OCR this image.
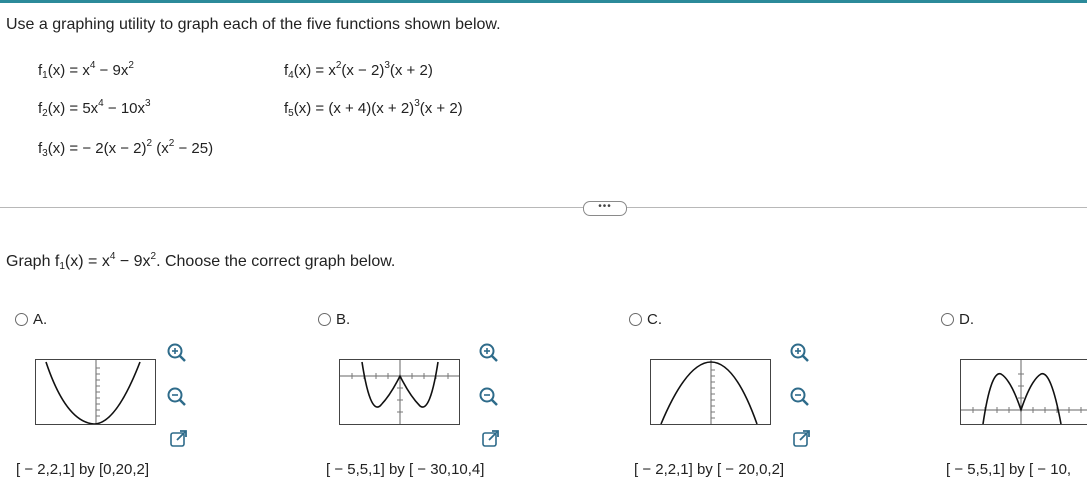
Use a graphing utility to graph each of the five functions shown below.
$f_1(x) = x^4 - 9x^2$
$f_2(x) = 5x^4 - 10x^3$
$f_3(x)$ = − $2(x - 2)^2$ $(x^2 - 25)$
$f_4(x) = x^2(x - 2)^3(x + 2)$
$f_5(x) = (x + 4)(x + 2)^3(x + 2)$
•••
Graph $f_1(x) = x^4 - 9x^2$. Choose the correct graph below.
A.
[ − 2,2,1] by [0,20,2]
B.
[ − 5,5,1] by [ − 30,10,4]
C.
[ − 2,2,1] by [ − 20,0,2]
D.
[ − 5,5,1] by [ − 10,
